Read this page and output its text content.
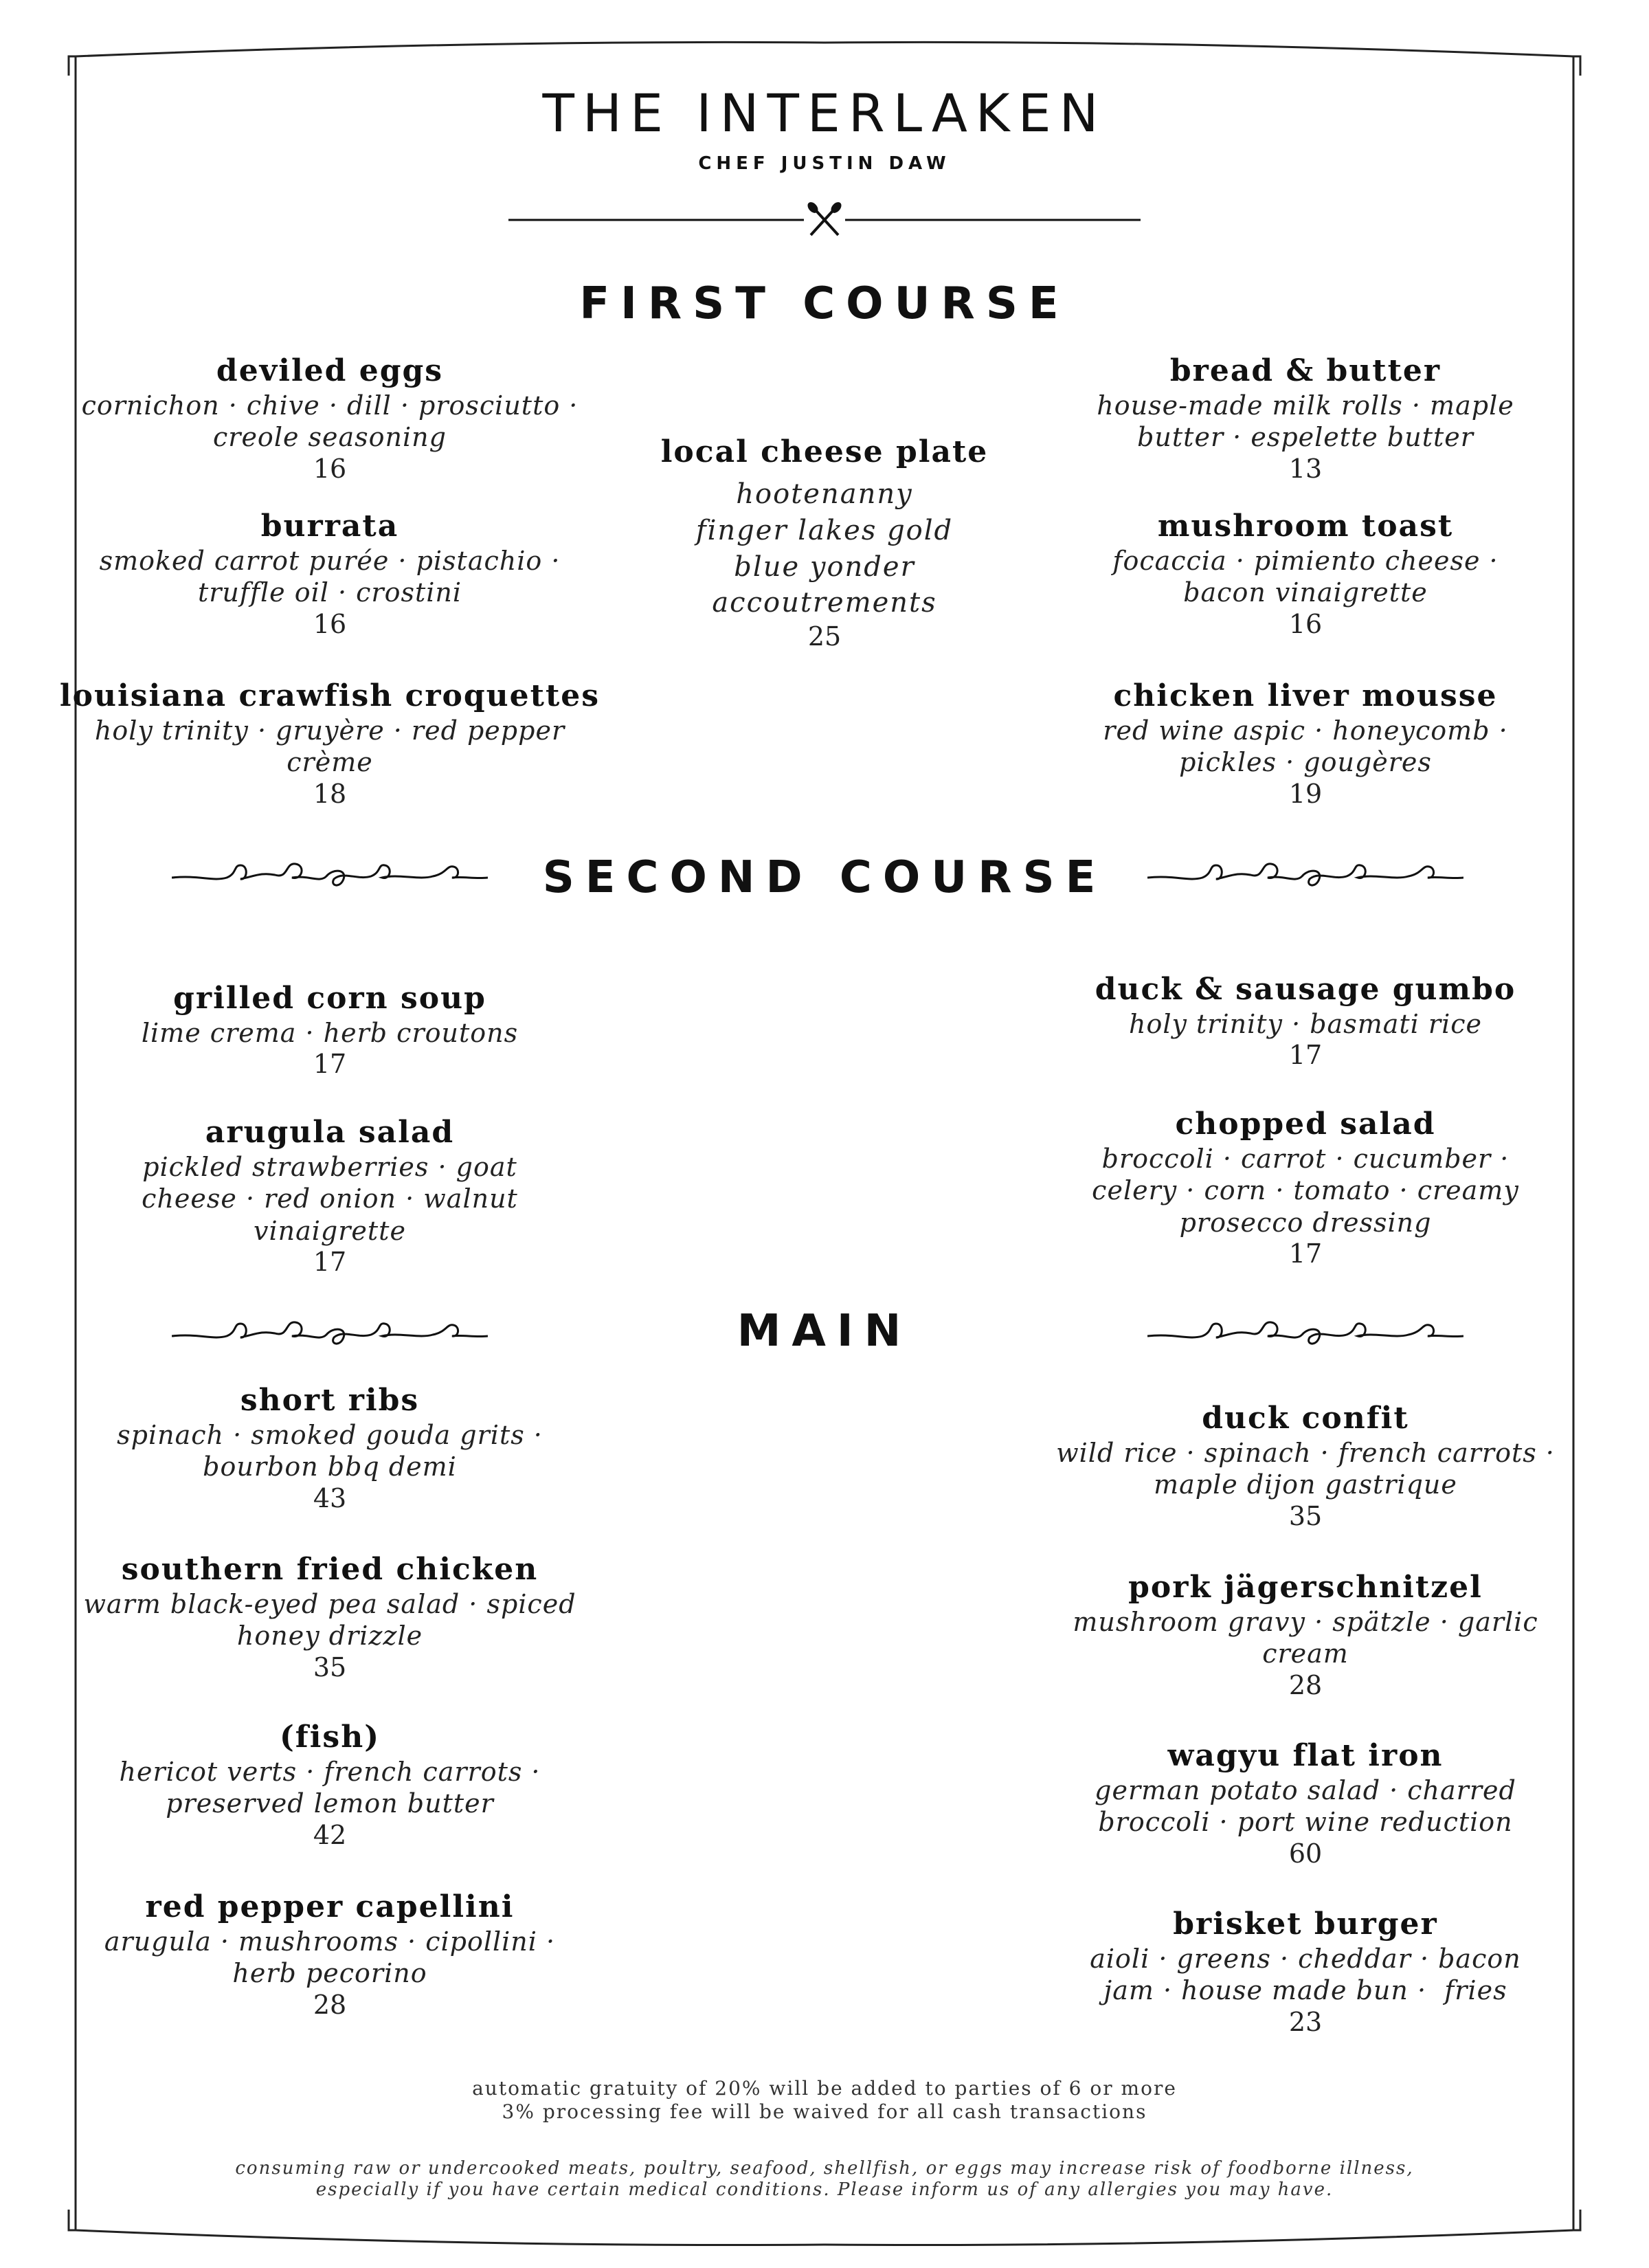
THE INTERLAKEN
CHEF JUSTIN DAW
FIRST COURSE
deviled eggs
cornichon · chive · dill · prosciutto ·
creole seasoning
16
burrata
smoked carrot purée · pistachio ·
truffle oil · crostini
16
louisiana crawfish croquettes
holy trinity · gruyère · red pepper
crème
18
local cheese plate
hootenanny
finger lakes gold
blue yonder
accoutrements
25
bread & butter
house-made milk rolls · maple
butter · espelette butter
13
mushroom toast
focaccia · pimiento cheese ·
bacon vinaigrette
16
chicken liver mousse
red wine aspic · honeycomb ·
pickles · gougères
19
SECOND COURSE
grilled corn soup
lime crema · herb croutons
17
arugula salad
pickled strawberries · goat
cheese · red onion · walnut
vinaigrette
17
duck & sausage gumbo
holy trinity · basmati rice
17
chopped salad
broccoli · carrot · cucumber ·
celery · corn · tomato · creamy
prosecco dressing
17
MAIN
short ribs
spinach · smoked gouda grits ·
bourbon bbq demi
43
southern fried chicken
warm black-eyed pea salad · spiced
honey drizzle
35
(fish)
hericot verts · french carrots ·
preserved lemon butter
42
red pepper capellini
arugula · mushrooms · cipollini ·
herb pecorino
28
duck confit
wild rice · spinach · french carrots ·
maple dijon gastrique
35
pork jägerschnitzel
mushroom gravy · spätzle · garlic
cream
28
wagyu flat iron
german potato salad · charred
broccoli · port wine reduction
60
brisket burger
aioli · greens · cheddar · bacon
jam · house made bun ·  fries
23
automatic gratuity of 20% will be added to parties of 6 or more
3% processing fee will be waived for all cash transactions
consuming raw or undercooked meats, poultry, seafood, shellfish, or eggs may increase risk of foodborne illness,
especially if you have certain medical conditions. Please inform us of any allergies you may have.
